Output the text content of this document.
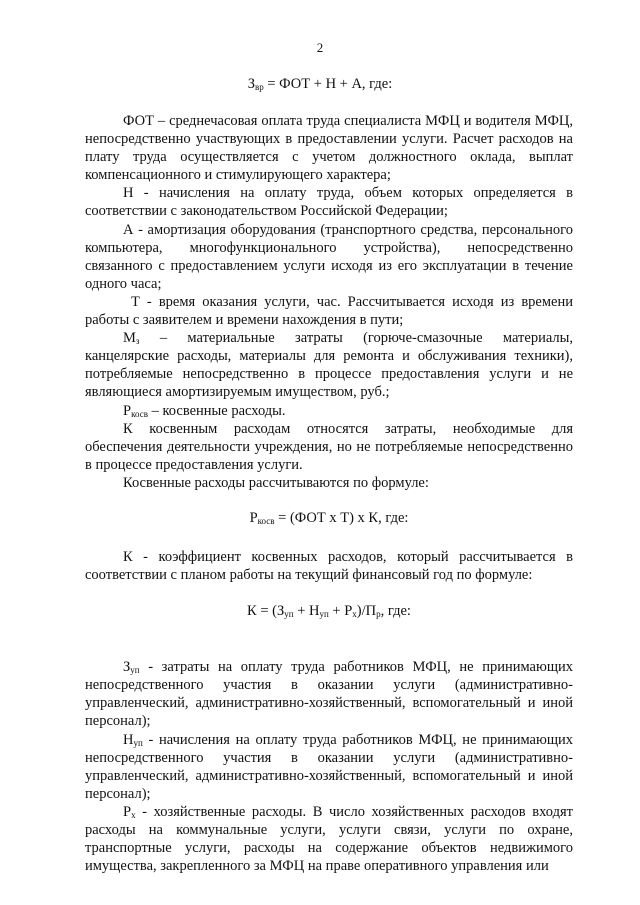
2
$З_{вр}$ = ФОТ + Н + А, где:

ФОТ – среднечасовая оплата труда специалиста МФЦ и водителя МФЦ, непосредственно участвующих в предоставлении услуги. Расчет расходов на плату труда осуществляется с учетом должностного оклада, выплат компенсационного и стимулирующего характера;

Н - начисления на оплату труда, объем которых определяется в соответствии с законодательством Российской Федерации;

А - амортизация оборудования (транспортного средства, персонального компьютера, многофункционального устройства), непосредственно связанного с предоставлением услуги исходя из его эксплуатации в течение одного часа;

Т - время оказания услуги, час. Рассчитывается исходя из времени работы с заявителем и времени нахождения в пути;

$М_з$ – материальные затраты (горюче-смазочные материалы, канцелярские расходы, материалы для ремонта и обслуживания техники), потребляемые непосредственно в процессе предоставления услуги и не являющиеся амортизируемым имуществом, руб.;

$Р_{косв}$ – косвенные расходы.

К косвенным расходам относятся затраты, необходимые для обеспечения деятельности учреждения, но не потребляемые непосредственно в процессе предоставления услуги.

Косвенные расходы рассчитываются по формуле:

$Р_{косв} = (ФОТ$ х Т) х К, где:

К - коэффициент косвенных расходов, который рассчитывается в соответствии с планом работы на текущий финансовый год по формуле:

$К = (З_{уп} + Н_{уп} + Р_х)/П_р$, где:

$З_{уп}$ - затраты на оплату труда работников МФЦ, не принимающих непосредственного участия в оказании услуги (административно-управленческий, административно-хозяйственный, вспомогательный и иной персонал);

$Н_{уп}$ - начисления на оплату труда работников МФЦ, не принимающих непосредственного участия в оказании услуги (административно-управленческий, административно-хозяйственный, вспомогательный и иной персонал);

$Р_х$ - хозяйственные расходы. В число хозяйственных расходов входят расходы на коммунальные услуги, услуги связи, услуги по охране, транспортные услуги, расходы на содержание объектов недвижимого имущества, закрепленного за МФЦ на праве оперативного управления или
